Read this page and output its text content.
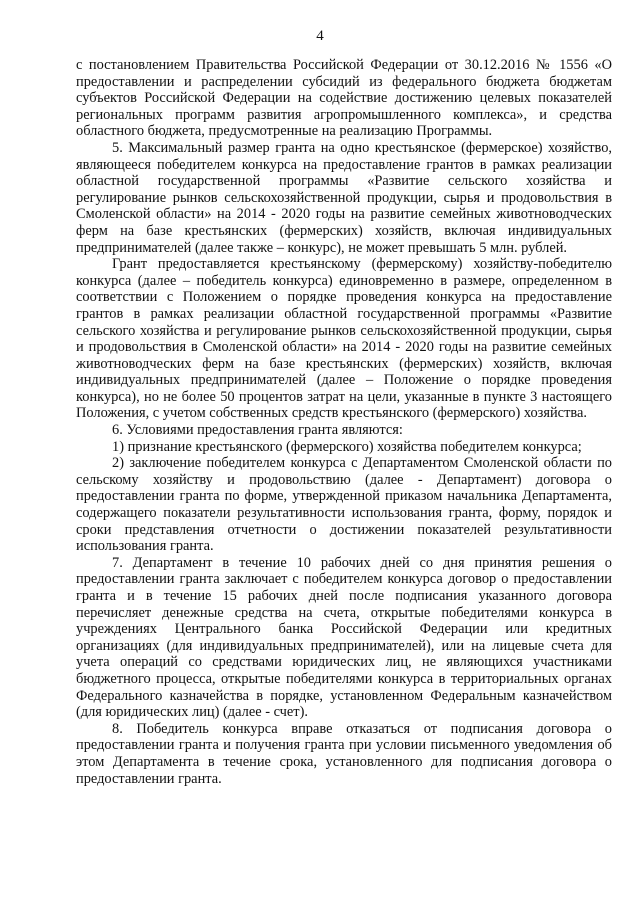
4

с постановлением Правительства Российской Федерации от 30.12.2016 № 1556 «О предоставлении и распределении субсидий из федерального бюджета бюджетам субъектов Российской Федерации на содействие достижению целевых показателей региональных программ развития агропромышленного комплекса», и средства областного бюджета, предусмотренные на реализацию Программы.

5. Максимальный размер гранта на одно крестьянское (фермерское) хозяйство, являющееся победителем конкурса на предоставление грантов в рамках реализации областной государственной программы «Развитие сельского хозяйства и регулирование рынков сельскохозяйственной продукции, сырья и продовольствия в Смоленской области» на 2014 - 2020 годы на развитие семейных животноводческих ферм на базе крестьянских (фермерских) хозяйств, включая индивидуальных предпринимателей (далее также – конкурс), не может превышать 5 млн. рублей.

Грант предоставляется крестьянскому (фермерскому) хозяйству-победителю конкурса (далее – победитель конкурса) единовременно в размере, определенном в соответствии с Положением о порядке проведения конкурса на предоставление грантов в рамках реализации областной государственной программы «Развитие сельского хозяйства и регулирование рынков сельскохозяйственной продукции, сырья и продовольствия в Смоленской области» на 2014 - 2020 годы на развитие семейных животноводческих ферм на базе крестьянских (фермерских) хозяйств, включая индивидуальных предпринимателей (далее – Положение о порядке проведения конкурса), но не более 50 процентов затрат на цели, указанные в пункте 3 настоящего Положения, с учетом собственных средств крестьянского (фермерского) хозяйства.

6. Условиями предоставления гранта являются:

1) признание крестьянского (фермерского) хозяйства победителем конкурса;

2) заключение победителем конкурса с Департаментом Смоленской области по сельскому хозяйству и продовольствию (далее - Департамент) договора о предоставлении гранта по форме, утвержденной приказом начальника Департамента, содержащего показатели результативности использования гранта, форму, порядок и сроки представления отчетности о достижении показателей результативности использования гранта.

7. Департамент в течение 10 рабочих дней со дня принятия решения о предоставлении гранта заключает с победителем конкурса договор о предоставлении гранта и в течение 15 рабочих дней после подписания указанного договора перечисляет денежные средства на счета, открытые победителями конкурса в учреждениях Центрального банка Российской Федерации или кредитных организациях (для индивидуальных предпринимателей), или на лицевые счета для учета операций со средствами юридических лиц, не являющихся участниками бюджетного процесса, открытые победителями конкурса в территориальных органах Федерального казначейства в порядке, установленном Федеральным казначейством (для юридических лиц) (далее - счет).

8. Победитель конкурса вправе отказаться от подписания договора о предоставлении гранта и получения гранта при условии письменного уведомления об этом Департамента в течение срока, установленного для подписания договора о предоставлении гранта.
